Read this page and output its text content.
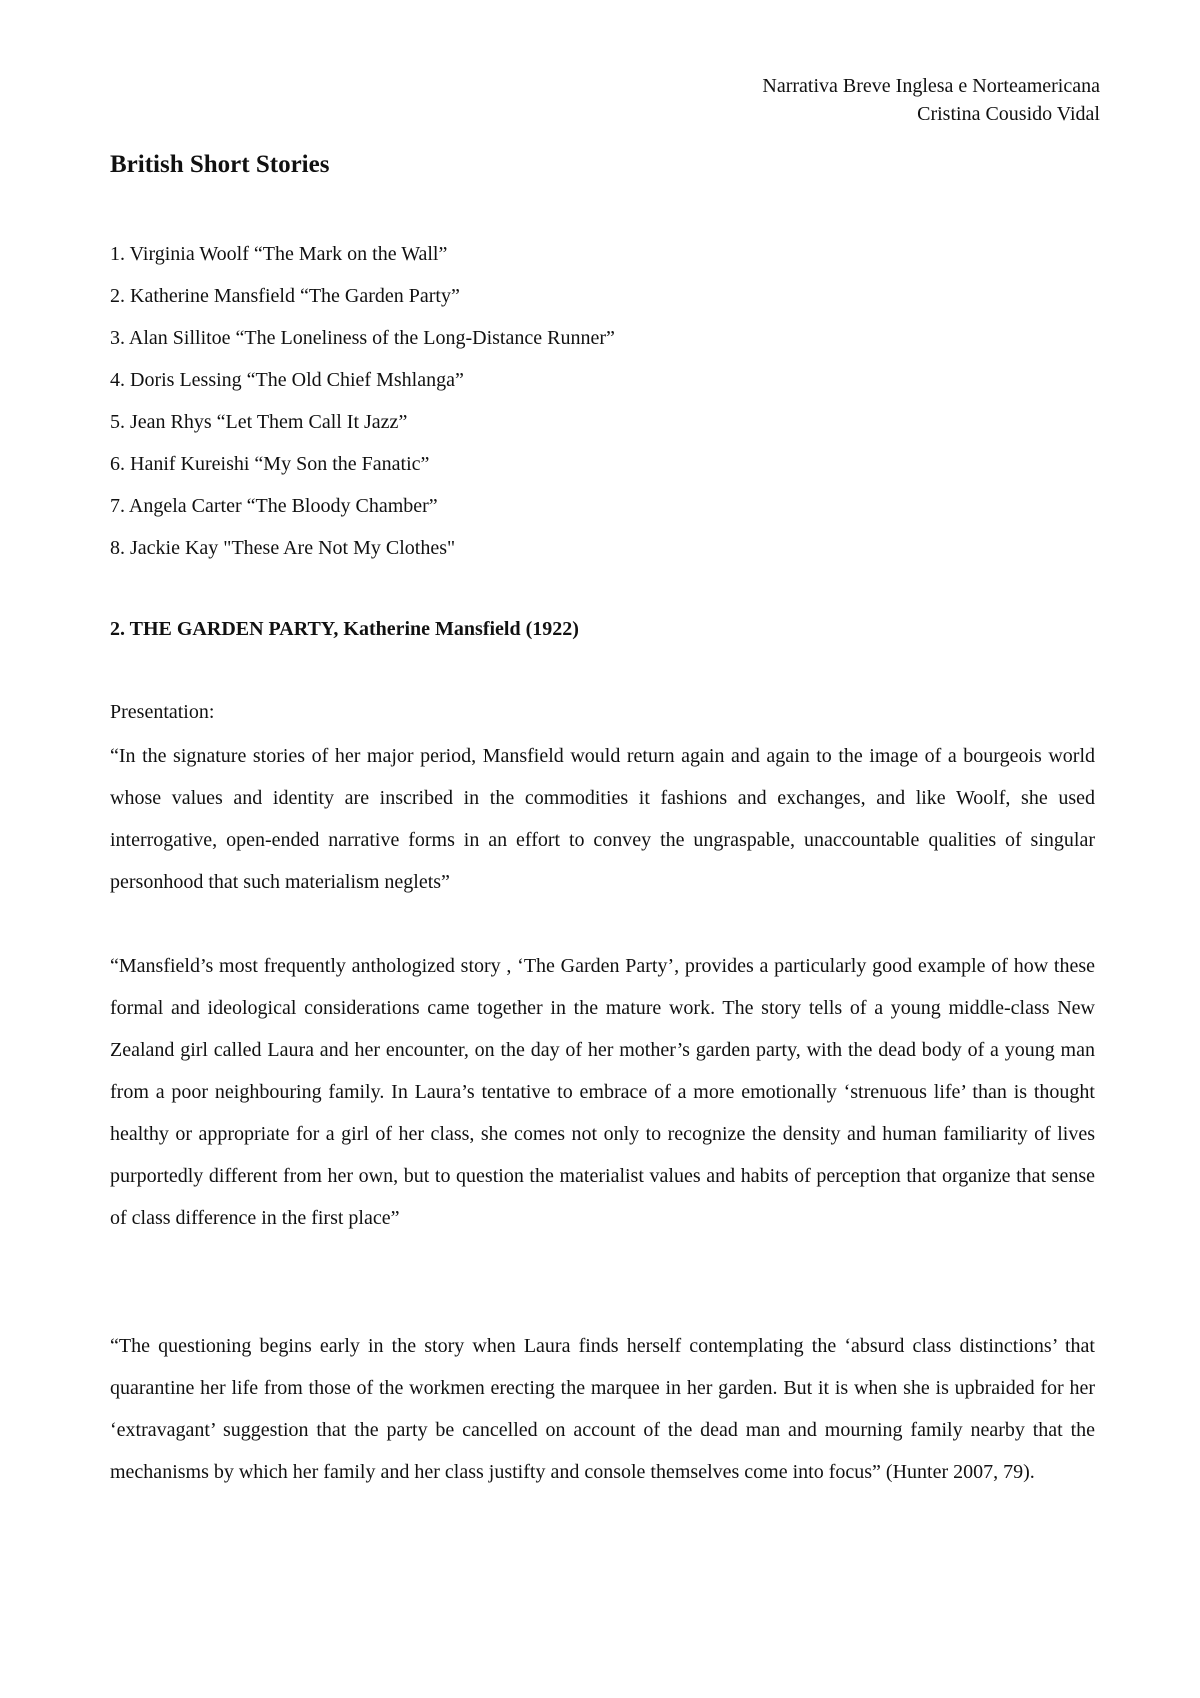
Narrativa Breve Inglesa e Norteamericana
Cristina Cousido Vidal
British Short Stories
1. Virginia Woolf “The Mark on the Wall”
2. Katherine Mansfield “The Garden Party”
3. Alan Sillitoe “The Loneliness of the Long-Distance Runner”
4. Doris Lessing “The Old Chief Mshlanga”
5. Jean Rhys “Let Them Call It Jazz”
6. Hanif Kureishi “My Son the Fanatic”
7. Angela Carter “The Bloody Chamber”
8. Jackie Kay "These Are Not My Clothes"
2. THE GARDEN PARTY, Katherine Mansfield (1922)
Presentation:

“In the signature stories of her major period, Mansfield would return again and again to the image of a bourgeois world whose values and identity are inscribed in the commodities it fashions and exchanges, and like Woolf, she used interrogative, open-ended narrative forms in an effort to convey the ungraspable, unaccountable qualities of singular personhood that such materialism neglets”

“Mansfield’s most frequently anthologized story , ‘The Garden Party’, provides a particularly good example of how these formal and ideological considerations came together in the mature work. The story tells of a young middle-class New Zealand girl called Laura and her encounter, on the day of her mother’s garden party, with the dead body of a young man from a poor neighbouring family. In Laura’s tentative to embrace of a more emotionally ‘strenuous life’ than is thought healthy or appropriate for a girl of her class, she comes not only to recognize the density and human familiarity of lives purportedly different from her own, but to question the materialist values and habits of perception that organize that sense of class difference in the first place”

“The questioning begins early in the story when Laura finds herself contemplating the ‘absurd class distinctions’ that quarantine her life from those of the workmen erecting the marquee in her garden. But it is when she is upbraided for her ‘extravagant’ suggestion that the party be cancelled on account of the dead man and mourning family nearby that the mechanisms by which her family and her class justifty and console themselves come into focus” (Hunter 2007, 79).
